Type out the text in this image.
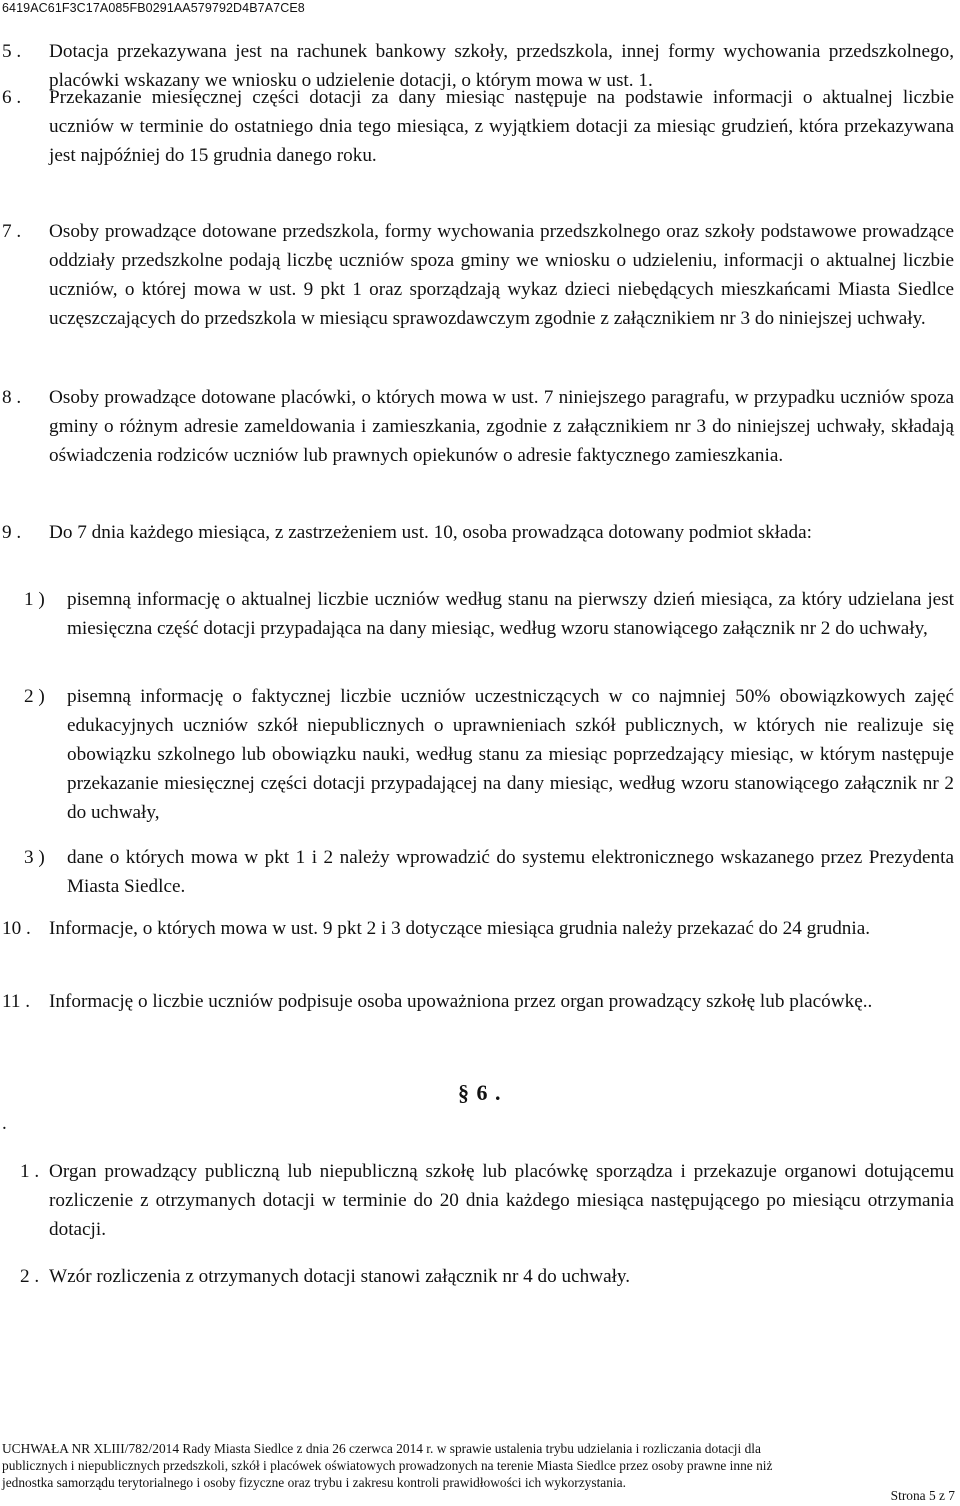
6419AC61F3C17A085FB0291AA579792D4B7A7CE8
5 . Dotacja przekazywana jest na rachunek bankowy szkoły, przedszkola, innej formy wychowania przedszkolnego, placówki wskazany we wniosku o udzielenie dotacji, o którym mowa w ust. 1.
6 . Przekazanie miesięcznej części dotacji za dany miesiąc następuje na podstawie informacji o aktualnej liczbie uczniów w terminie do ostatniego dnia tego miesiąca, z wyjątkiem dotacji za miesiąc grudzień, która przekazywana jest najpóźniej do 15 grudnia danego roku.
7 . Osoby prowadzące dotowane przedszkola, formy wychowania przedszkolnego oraz szkoły podstawowe prowadzące oddziały przedszkolne podają liczbę uczniów spoza gminy we wniosku o udzieleniu, informacji o aktualnej liczbie uczniów, o której mowa w ust. 9 pkt 1 oraz sporządzają wykaz dzieci niebędących mieszkańcami Miasta Siedlce uczęszczających do przedszkola w miesiącu sprawozdawczym zgodnie z załącznikiem nr 3 do niniejszej uchwały.
8 . Osoby prowadzące dotowane placówki, o których mowa w ust. 7 niniejszego paragrafu, w przypadku uczniów spoza gminy o różnym adresie zameldowania i zamieszkania, zgodnie z załącznikiem nr 3 do niniejszej uchwały, składają oświadczenia rodziców uczniów lub prawnych opiekunów o adresie faktycznego zamieszkania.
9 . Do 7 dnia każdego miesiąca, z zastrzeżeniem ust. 10, osoba prowadząca dotowany podmiot składa:
1 ) pisemną informację o aktualnej liczbie uczniów według stanu na pierwszy dzień miesiąca, za który udzielana jest miesięczna część dotacji przypadająca na dany miesiąc, według wzoru stanowiącego załącznik nr 2 do uchwały,
2 ) pisemną informację o faktycznej liczbie uczniów uczestniczących w co najmniej 50% obowiązkowych zajęć edukacyjnych uczniów szkół niepublicznych o uprawnieniach szkół publicznych, w których nie realizuje się obowiązku szkolnego lub obowiązku nauki, według stanu za miesiąc poprzedzający miesiąc, w którym następuje przekazanie miesięcznej części dotacji przypadającej na dany miesiąc, według wzoru stanowiącego załącznik nr 2 do uchwały,
3 ) dane o których mowa w pkt 1 i 2 należy wprowadzić do systemu elektronicznego wskazanego przez Prezydenta Miasta Siedlce.
10 . Informacje, o których mowa w ust. 9 pkt 2 i 3 dotyczące miesiąca grudnia należy przekazać do 24 grudnia.
11 . Informację o liczbie uczniów podpisuje osoba upoważniona przez organ prowadzący szkołę lub placówkę..
§ 6 .
.
1 . Organ prowadzący publiczną lub niepubliczną szkołę lub placówkę sporządza i przekazuje organowi dotującemu rozliczenie z otrzymanych dotacji w terminie do 20 dnia każdego miesiąca następującego po miesiącu otrzymania dotacji.
2 . Wzór rozliczenia z otrzymanych dotacji stanowi załącznik nr 4 do uchwały.
UCHWAŁA NR XLIII/782/2014 Rady Miasta Siedlce z dnia 26 czerwca 2014 r. w sprawie ustalenia trybu udzielania i rozliczania dotacji dla
publicznych i niepublicznych przedszkoli, szkół i placówek oświatowych prowadzonych na terenie Miasta Siedlce przez osoby prawne inne niż
jednostka samorządu terytorialnego i osoby fizyczne oraz trybu i zakresu kontroli prawidłowości ich wykorzystania.
Strona 5 z 7
